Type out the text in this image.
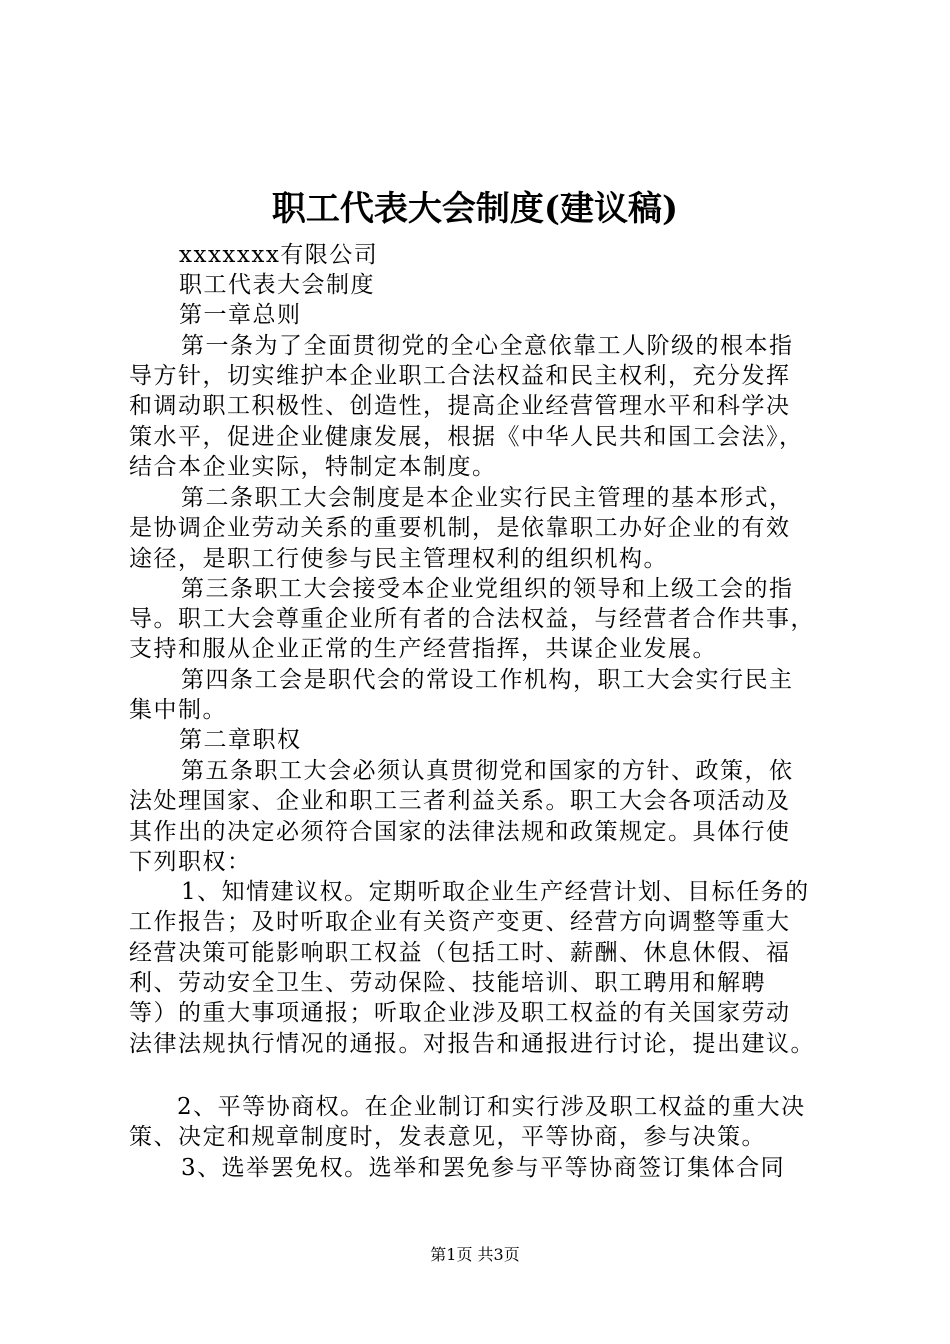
职工代表大会制度(建议稿)
xxxxxxx有限公司
职工代表大会制度
第一章总则
第一条为了全面贯彻党的全心全意依靠工人阶级的根本指
导方针，切实维护本企业职工合法权益和民主权利，充分发挥
和调动职工积极性、创造性，提高企业经营管理水平和科学决
策水平，促进企业健康发展，根据《中华人民共和国工会法》，
结合本企业实际，特制定本制度。
第二条职工大会制度是本企业实行民主管理的基本形式，
是协调企业劳动关系的重要机制，是依靠职工办好企业的有效
途径，是职工行使参与民主管理权利的组织机构。
第三条职工大会接受本企业党组织的领导和上级工会的指
导。职工大会尊重企业所有者的合法权益，与经营者合作共事，
支持和服从企业正常的生产经营指挥，共谋企业发展。
第四条工会是职代会的常设工作机构，职工大会实行民主
集中制。
第二章职权
第五条职工大会必须认真贯彻党和国家的方针、政策，依
法处理国家、企业和职工三者利益关系。职工大会各项活动及
其作出的决定必须符合国家的法律法规和政策规定。具体行使
下列职权：
1、知情建议权。定期听取企业生产经营计划、目标任务的
工作报告；及时听取企业有关资产变更、经营方向调整等重大
经营决策可能影响职工权益（包括工时、薪酬、休息休假、福
利、劳动安全卫生、劳动保险、技能培训、职工聘用和解聘
等）的重大事项通报；听取企业涉及职工权益的有关国家劳动
法律法规执行情况的通报。对报告和通报进行讨论，提出建议。
2、平等协商权。在企业制订和实行涉及职工权益的重大决
策、决定和规章制度时，发表意见，平等协商，参与决策。
3、选举罢免权。选举和罢免参与平等协商签订集体合同
第1页 共3页
